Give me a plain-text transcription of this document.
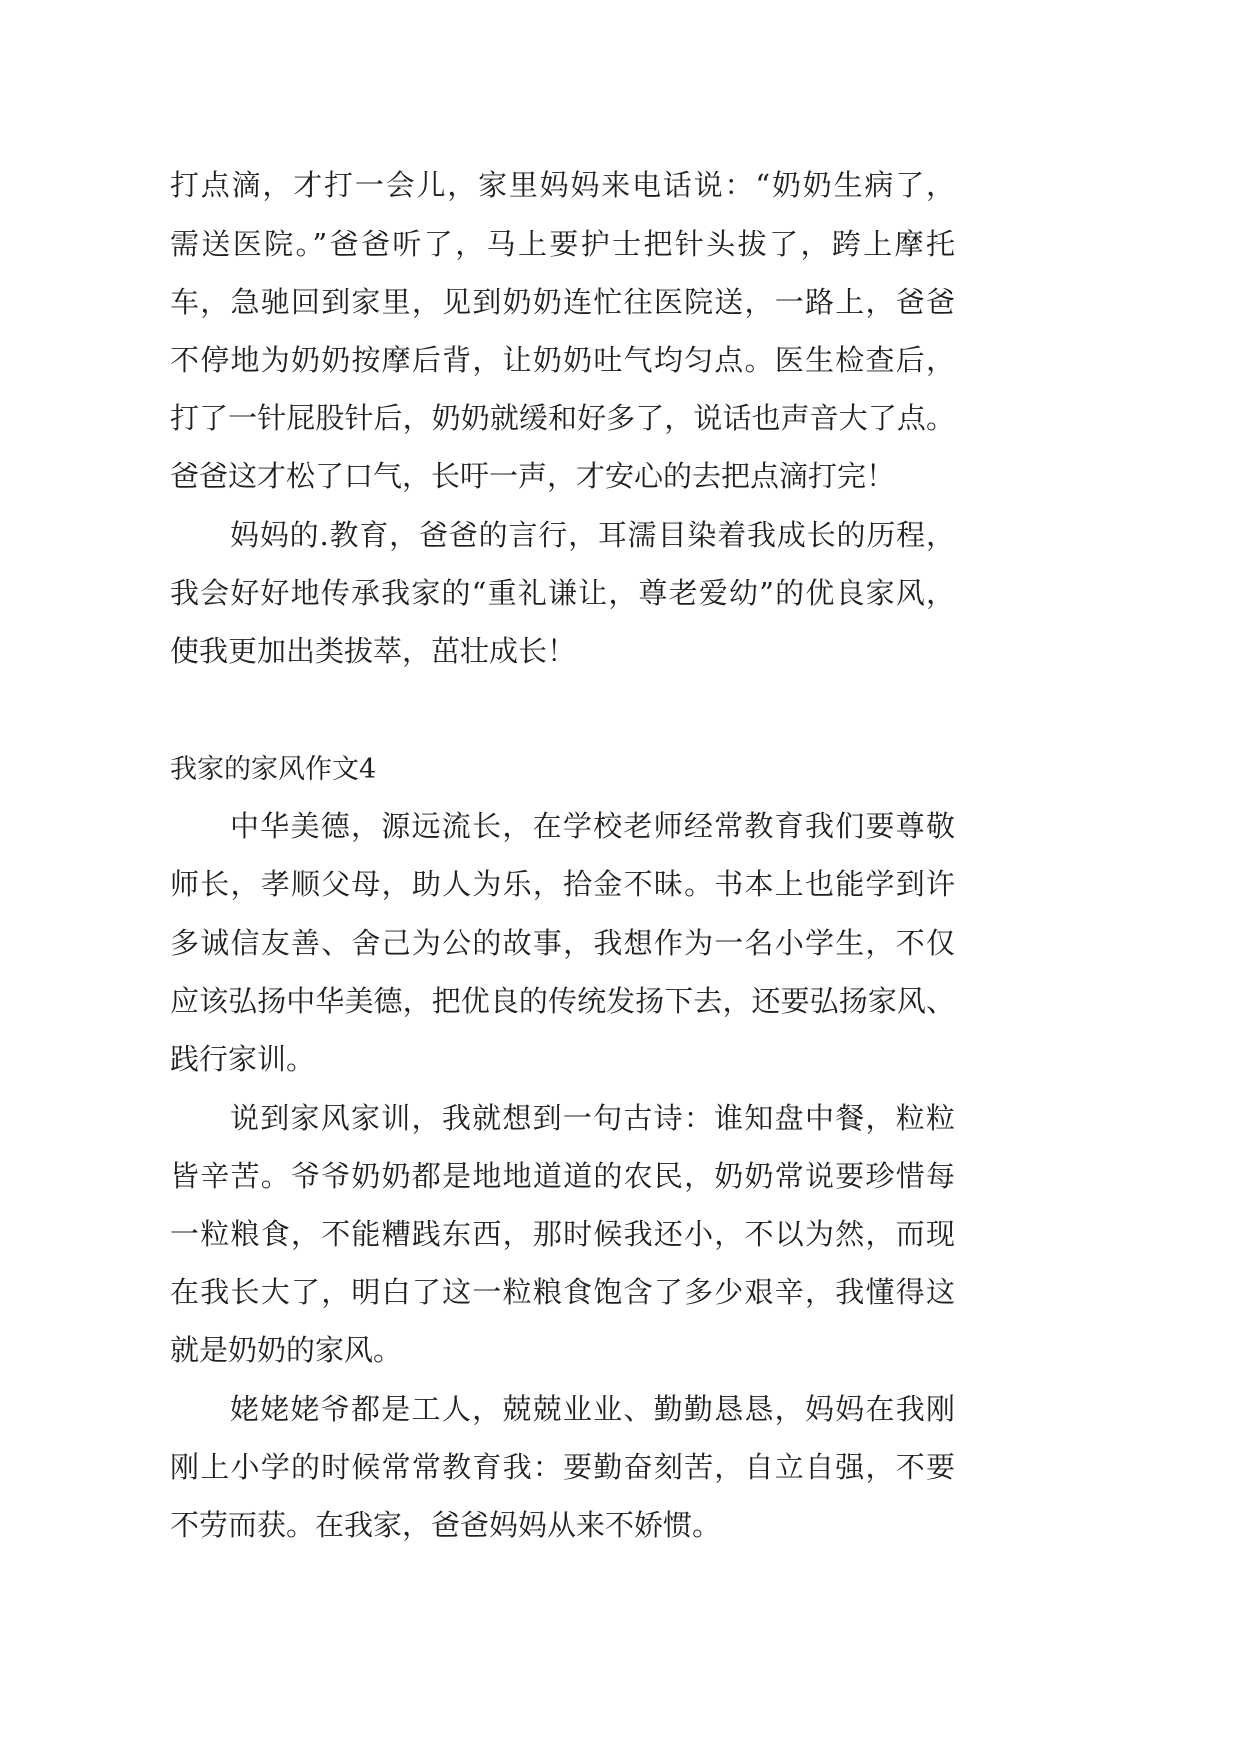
打点滴，才打一会儿，家里妈妈来电话说：“奶奶生病了，
需送医院。”爸爸听了，马上要护士把针头拔了，跨上摩托
车，急驰回到家里，见到奶奶连忙往医院送，一路上，爸爸
不停地为奶奶按摩后背，让奶奶吐气均匀点。医生检查后，
打了一针屁股针后，奶奶就缓和好多了，说话也声音大了点。
爸爸这才松了口气，长吁一声，才安心的去把点滴打完！
妈妈的.教育，爸爸的言行，耳濡目染着我成长的历程，
我会好好地传承我家的“重礼谦让，尊老爱幼”的优良家风，
使我更加出类拔萃，茁壮成长！
我家的家风作文4
中华美德，源远流长，在学校老师经常教育我们要尊敬
师长，孝顺父母，助人为乐，拾金不昧。书本上也能学到许
多诚信友善、舍己为公的故事，我想作为一名小学生，不仅
应该弘扬中华美德，把优良的传统发扬下去，还要弘扬家风、
践行家训。
说到家风家训，我就想到一句古诗：谁知盘中餐，粒粒
皆辛苦。爷爷奶奶都是地地道道的农民，奶奶常说要珍惜每
一粒粮食，不能糟践东西，那时候我还小，不以为然，而现
在我长大了，明白了这一粒粮食饱含了多少艰辛，我懂得这
就是奶奶的家风。
姥姥姥爷都是工人，兢兢业业、勤勤恳恳，妈妈在我刚
刚上小学的时候常常教育我：要勤奋刻苦，自立自强，不要
不劳而获。在我家，爸爸妈妈从来不娇惯。
